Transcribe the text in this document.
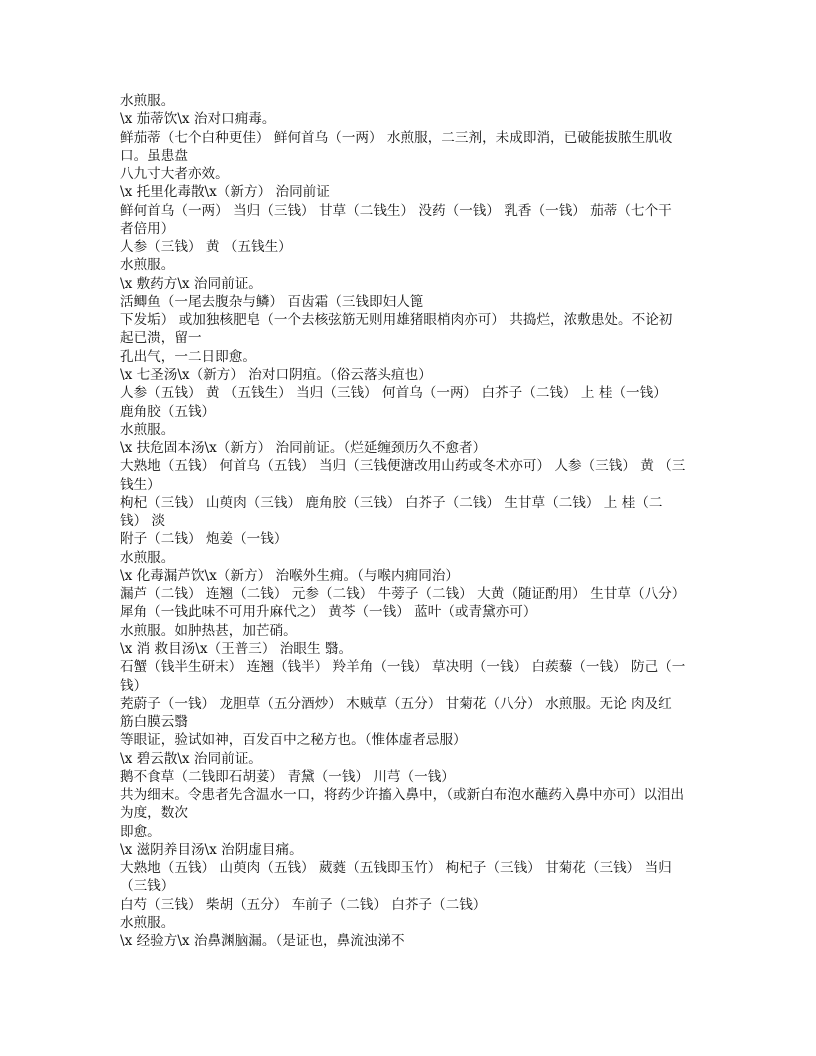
水煎服。
\x 茄蒂饮\x 治对口痈毒。
鲜茄蒂（七个白种更佳） 鲜何首乌（一两） 水煎服，二三剂，未成即消，已破能拔脓生肌收
口。虽患盘
八九寸大者亦效。
\x 托里化毒散\x（新方） 治同前证
鲜何首乌（一两） 当归（三钱） 甘草（二钱生） 没药（一钱） 乳香（一钱） 茄蒂（七个干
者倍用）
人参（三钱） 黄 （五钱生）
水煎服。
\x 敷药方\x 治同前证。
活鲫鱼（一尾去腹杂与鳞） 百齿霜（三钱即妇人篦
下发垢） 或加独核肥皂（一个去核弦筋无则用雄猪眼梢肉亦可） 共捣烂，浓敷患处。不论初
起已溃，留一
孔出气，一二日即愈。
\x 七圣汤\x（新方） 治对口阴疽。（俗云落头疽也）
人参（五钱） 黄 （五钱生） 当归（三钱） 何首乌（一两） 白芥子（二钱） 上 桂（一钱）
鹿角胶（五钱）
水煎服。
\x 扶危固本汤\x（新方） 治同前证。（烂延缠颈历久不愈者）
大熟地（五钱） 何首乌（五钱） 当归（三钱便溏改用山药或冬术亦可） 人参（三钱） 黄 （三
钱生）
枸杞（三钱） 山萸肉（三钱） 鹿角胶（三钱） 白芥子（二钱） 生甘草（二钱） 上 桂（二
钱） 淡
附子（二钱） 炮姜（一钱）
水煎服。
\x 化毒漏芦饮\x（新方） 治喉外生痈。（与喉内痈同治）
漏芦（二钱） 连翘（二钱） 元参（二钱） 牛蒡子（二钱） 大黄（随证酌用） 生甘草（八分）
犀角（一钱此味不可用升麻代之） 黄芩（一钱） 蓝叶（或青黛亦可）
水煎服。如肿热甚，加芒硝。
\x 消 救目汤\x（王普三） 治眼生 翳。
石蟹（钱半生研末） 连翘（钱半） 羚羊角（一钱） 草决明（一钱） 白蒺藜（一钱） 防己（一
钱）
茺蔚子（一钱） 龙胆草（五分酒炒） 木贼草（五分） 甘菊花（八分） 水煎服。无论 肉及红
筋白膜云翳
等眼证，验试如神，百发百中之秘方也。（惟体虚者忌服）
\x 碧云散\x 治同前证。
鹅不食草（二钱即石胡荽） 青黛（一钱） 川芎（一钱）
共为细末。令患者先含温水一口，将药少许搐入鼻中，（或新白布泡水蘸药入鼻中亦可）以泪出
为度，数次
即愈。
\x 滋阴养目汤\x 治阴虚目痛。
大熟地（五钱） 山萸肉（五钱） 葳蕤（五钱即玉竹） 枸杞子（三钱） 甘菊花（三钱） 当归
（三钱）
白芍（三钱） 柴胡（五分） 车前子（二钱） 白芥子（二钱）
水煎服。
\x 经验方\x 治鼻渊脑漏。（是证也，鼻流浊涕不
